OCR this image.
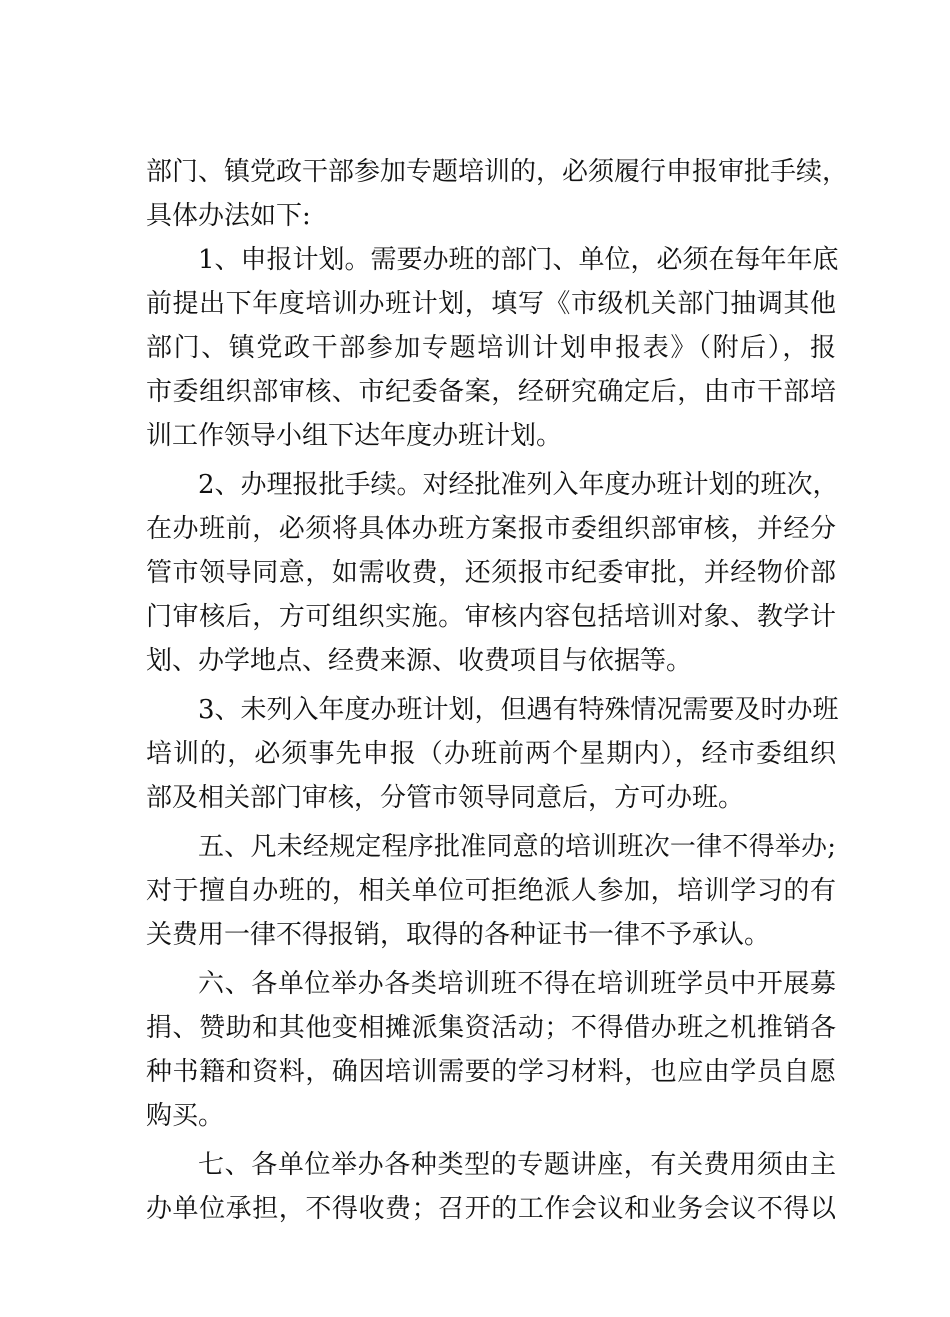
部门、镇党政干部参加专题培训的，必须履行申报审批手续，
具体办法如下:
1、申报计划。需要办班的部门、单位，必须在每年年底
前提出下年度培训办班计划，填写《市级机关部门抽调其他
部门、镇党政干部参加专题培训计划申报表》（附后），报
市委组织部审核、市纪委备案，经研究确定后，由市干部培
训工作领导小组下达年度办班计划。
2、办理报批手续。对经批准列入年度办班计划的班次，
在办班前，必须将具体办班方案报市委组织部审核，并经分
管市领导同意，如需收费，还须报市纪委审批，并经物价部
门审核后，方可组织实施。审核内容包括培训对象、教学计
划、办学地点、经费来源、收费项目与依据等。
3、未列入年度办班计划，但遇有特殊情况需要及时办班
培训的，必须事先申报（办班前两个星期内），经市委组织
部及相关部门审核，分管市领导同意后，方可办班。
五、凡未经规定程序批准同意的培训班次一律不得举办;
对于擅自办班的，相关单位可拒绝派人参加，培训学习的有
关费用一律不得报销，取得的各种证书一律不予承认。
六、各单位举办各类培训班不得在培训班学员中开展募
捐、赞助和其他变相摊派集资活动；不得借办班之机推销各
种书籍和资料，确因培训需要的学习材料，也应由学员自愿
购买。
七、各单位举办各种类型的专题讲座，有关费用须由主
办单位承担，不得收费；召开的工作会议和业务会议不得以
